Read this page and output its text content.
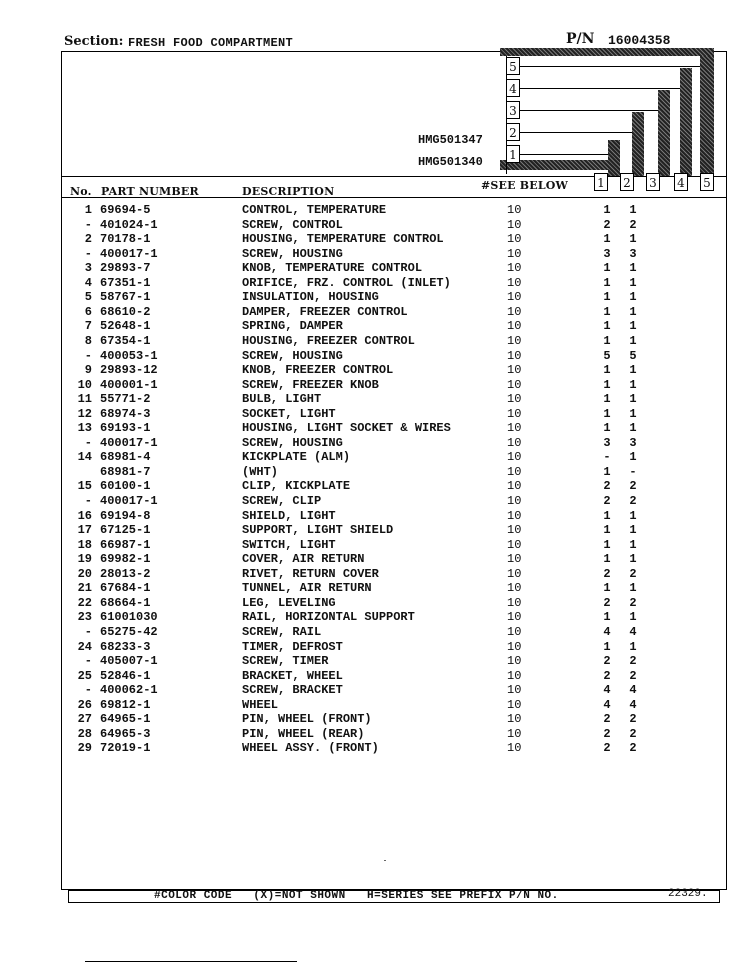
Section: FRESH FOOD COMPARTMENT	P/N 16004358
5
4
3
2
1
HMG501347
HMG501340
No. PART NUMBER	DESCRIPTION	#SEE BELOW 1 2 3 4 5
1 69694-5	CONTROL, TEMPERATURE	10	1 1
- 401024-1	SCREW, CONTROL	10	2 2
2 70178-1	HOUSING, TEMPERATURE CONTROL	10	1 1
- 400017-1	SCREW, HOUSING	10	3 3
3 29893-7	KNOB, TEMPERATURE CONTROL	10	1 1
4 67351-1	ORIFICE, FRZ. CONTROL (INLET)	10	1 1
5 58767-1	INSULATION, HOUSING	10	1 1
6 68610-2	DAMPER, FREEZER CONTROL	10	1 1
7 52648-1	SPRING, DAMPER	10	1 1
8 67354-1	HOUSING, FREEZER CONTROL	10	1 1
- 400053-1	SCREW, HOUSING	10	5 5
9 29893-12	KNOB, FREEZER CONTROL	10	1 1
10 400001-1	SCREW, FREEZER KNOB	10	1 1
11 55771-2	BULB, LIGHT	10	1 1
12 68974-3	SOCKET, LIGHT	10	1 1
13 69193-1	HOUSING, LIGHT SOCKET & WIRES	10	1 1
- 400017-1	SCREW, HOUSING	10	3 3
14 68981-4	KICKPLATE (ALM)	10	- 1
68981-7	(WHT)	10	1 -
15 60100-1	CLIP, KICKPLATE	10	2 2
- 400017-1	SCREW, CLIP	10	2 2
16 69194-8	SHIELD, LIGHT	10	1 1
17 67125-1	SUPPORT, LIGHT SHIELD	10	1 1
18 66987-1	SWITCH, LIGHT	10	1 1
19 69982-1	COVER, AIR RETURN	10	1 1
20 28013-2	RIVET, RETURN COVER	10	2 2
21 67684-1	TUNNEL, AIR RETURN	10	1 1
22 68664-1	LEG, LEVELING	10	2 2
23 61001030	RAIL, HORIZONTAL SUPPORT	10	1 1
- 65275-42	SCREW, RAIL	10	4 4
24 68233-3	TIMER, DEFROST	10	1 1
- 405007-1	SCREW, TIMER	10	2 2
25 52846-1	BRACKET, WHEEL	10	2 2
- 400062-1	SCREW, BRACKET	10	4 4
26 69812-1	WHEEL	10	4 4
27 64965-1	PIN, WHEEL (FRONT)	10	2 2
28 64965-3	PIN, WHEEL (REAR)	10	2 2
29 72019-1	WHEEL ASSY. (FRONT)	10	2 2
#COLOR CODE   (X)=NOT SHOWN   H=SERIES SEE PREFIX P/N NO.	22329.
